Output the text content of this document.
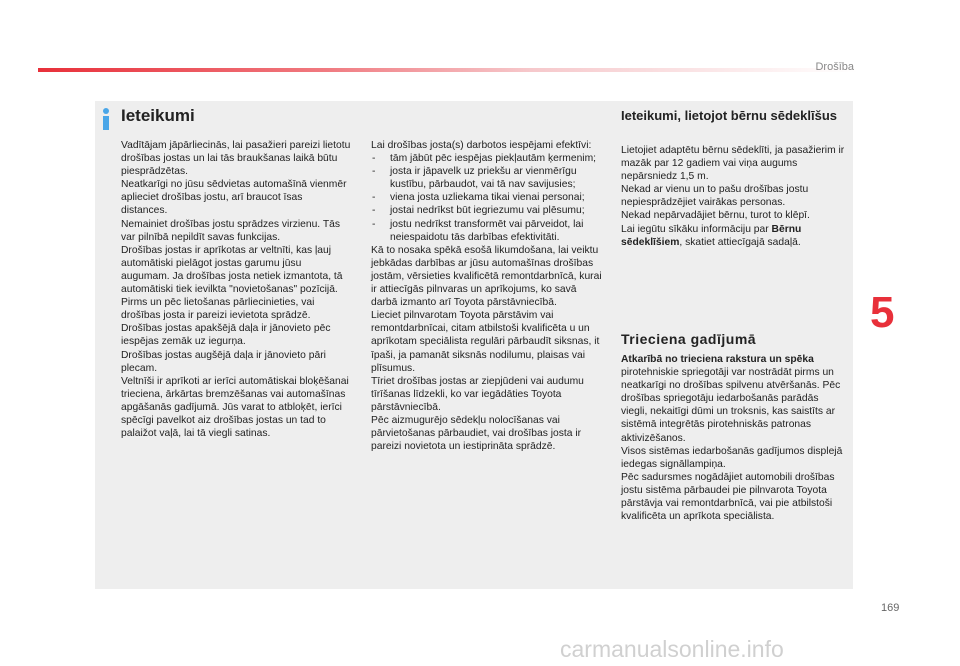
Drošība
Ieteikumi

Vadītājam jāpārliecinās, lai pasažieri pareizi lietotu drošības jostas un lai tās braukšanas laikā būtu piesprādzētas.

Neatkarīgi no jūsu sēdvietas automašīnā vienmēr aplieciet drošības jostu, arī braucot īsas distances.

Nemainiet drošības jostu sprādzes virzienu. Tās var pilnībā nepildīt savas funkcijas.

Drošības jostas ir aprīkotas ar veltnīti, kas ļauj automātiski pielāgot jostas garumu jūsu augumam. Ja drošības josta netiek izmantota, tā automātiski tiek ievilkta "novietošanas" pozīcijā.

Pirms un pēc lietošanas pārliecinieties, vai drošības josta ir pareizi ievietota sprādzē.

Drošības jostas apakšējā daļa ir jānovieto pēc iespējas zemāk uz iegurņa.

Drošības jostas augšējā daļa ir jānovieto pāri plecam.

Veltnīši ir aprīkoti ar ierīci automātiskai bloķēšanai trieciena, ārkārtas bremzēšanas vai automašīnas apgāšanās gadījumā. Jūs varat to atbloķēt, ierīci spēcīgi pavelkot aiz drošības jostas un tad to palaižot vaļā, lai tā viegli satinas.

Lai drošības josta(s) darbotos iespējami efektīvi:

- tām jābūt pēc iespējas piekļautām ķermenim;
- josta ir jāpavelk uz priekšu ar vienmērīgu kustību, pārbaudot, vai tā nav savijusies;
- viena josta uzliekama tikai vienai personai;
- jostai nedrīkst būt iegriezumu vai plēsumu;
- jostu nedrīkst transformēt vai pārveidot, lai neiespaidotu tās darbības efektivitāti.

Kā to nosaka spēkā esošā likumdošana, lai veiktu jebkādas darbības ar jūsu automašīnas drošības jostām, vērsieties kvalificētā remontdarbnīcā, kurai ir attiecīgās pilnvaras un aprīkojums, ko savā darbā izmanto arī Toyota pārstāvniecībā.

Lieciet pilnvarotam Toyota pārstāvim vai remontdarbnīcai, citam atbilstoši kvalificēta u un aprīkotam speciālista regulāri pārbaudīt siksnas, it īpaši, ja pamanāt siksnās nodilumu, plaisas vai plīsumus.

Tīriet drošības jostas ar ziepjūdeni vai audumu tīrīšanas līdzekli, ko var iegādāties Toyota pārstāvniecībā.

Pēc aizmugurējo sēdekļu nolocīšanas vai pārvietošanas pārbaudiet, vai drošības josta ir pareizi novietota un iestiprināta sprādzē.

Ieteikumi, lietojot bērnu sēdeklīšus

Lietojiet adaptētu bērnu sēdeklīti, ja pasažierim ir mazāk par 12 gadiem vai viņa augums nepārsniedz 1,5 m.

Nekad ar vienu un to pašu drošības jostu nepiesprādzējiet vairākas personas.

Nekad nepārvadājiet bērnu, turot to klēpī.

Lai iegūtu sīkāku informāciju par Bērnu sēdeklīšiem, skatiet attiecīgajā sadaļā.

Trieciena gadījumā

Atkarībā no trieciena rakstura un spēka pirotehniskie spriegotāji var nostrādāt pirms un neatkarīgi no drošības spilvenu atvēršanās. Pēc drošības spriegotāju iedarbošanās parādās viegli, nekaitīgi dūmi un troksnis, kas saistīts ar sistēmā integrētās pirotehniskās patronas aktivizēšanos.

Visos sistēmas iedarbošanās gadījumos displejā iedegas signāllampiņa.

Pēc sadursmes nogādājiet automobili drošības jostu sistēma pārbaudei pie pilnvarota Toyota pārstāvja vai remontdarbnīcā, vai pie atbilstoši kvalificēta un aprīkota speciālista.

5
169
carmanualsonline.info
